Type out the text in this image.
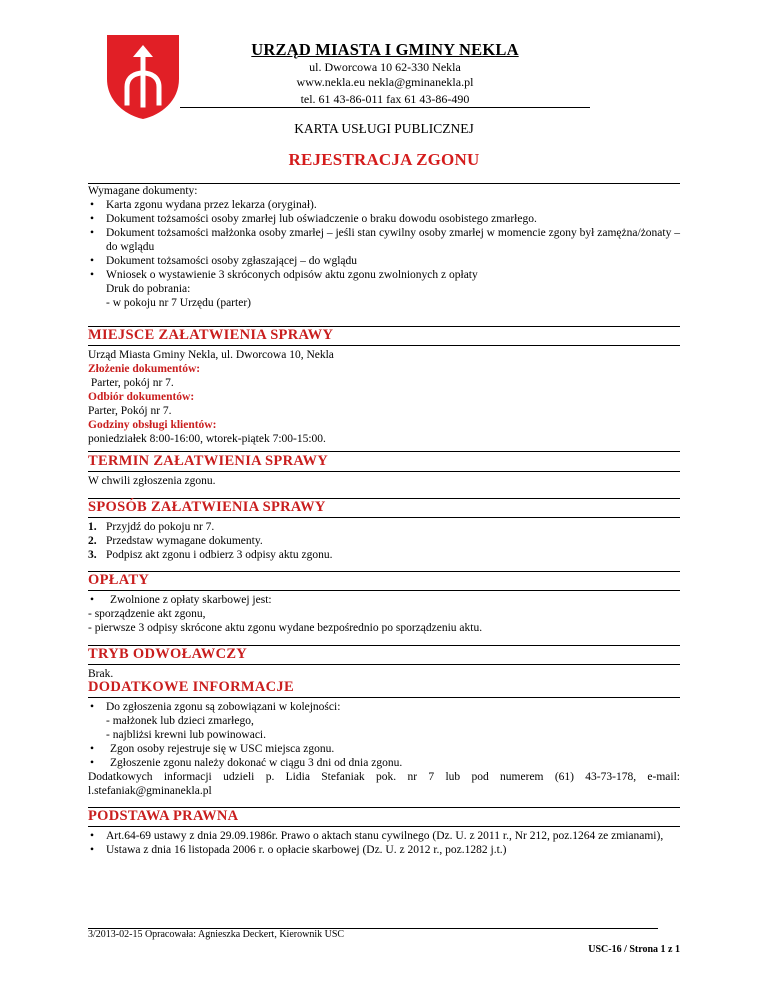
URZĄD MIASTA I GMINY NEKLA
ul. Dworcowa 10 62-330 Nekla
www.nekla.eu nekla@gminanekla.pl
tel. 61 43-86-011 fax 61 43-86-490
KARTA USŁUGI PUBLICZNEJ
REJESTRACJA ZGONU
Wymagane dokumenty:
• Karta zgonu wydana przez lekarza (oryginał).
• Dokument tożsamości osoby zmarłej lub oświadczenie o braku dowodu osobistego zmarłego.
• Dokument tożsamości małżonka osoby zmarłej – jeśli stan cywilny osoby zmarłej w momencie zgony był zamężna/żonaty – do wglądu
• Dokument tożsamości osoby zgłaszającej – do wglądu
• Wniosek o wystawienie 3 skróconych odpisów aktu zgonu zwolnionych z opłaty
Druk do pobrania:
- w pokoju nr 7 Urzędu (parter)
MIEJSCE ZAŁATWIENIA SPRAWY
Urząd Miasta Gminy Nekla, ul. Dworcowa 10, Nekla
Złożenie dokumentów:
Parter, pokój nr 7.
Odbiór dokumentów:
Parter, Pokój nr 7.
Godziny obsługi klientów:
poniedziałek 8:00-16:00, wtorek-piątek 7:00-15:00.
TERMIN ZAŁATWIENIA SPRAWY
W chwili zgłoszenia zgonu.
SPOSÓB ZAŁATWIENIA SPRAWY
1. Przyjdź do pokoju nr 7.
2. Przedstaw wymagane dokumenty.
3. Podpisz akt zgonu i odbierz 3 odpisy aktu zgonu.
OPŁATY
• Zwolnione z opłaty skarbowej jest:
- sporządzenie akt zgonu,
- pierwsze 3 odpisy skrócone aktu zgonu wydane bezpośrednio po sporządzeniu aktu.
TRYB ODWOŁAWCZY
Brak.
DODATKOWE INFORMACJE
• Do zgłoszenia zgonu są zobowiązani w kolejności:
- małżonek lub dzieci zmarłego,
- najbliżsi krewni lub powinowaci.
• Zgon osoby rejestruje się w USC miejsca zgonu.
• Zgłoszenie zgonu należy dokonać w ciągu 3 dni od dnia zgonu.
Dodatkowych informacji udzieli p. Lidia Stefaniak pok. nr 7 lub pod numerem (61) 43-73-178, e-mail: l.stefaniak@gminanekla.pl
PODSTAWA PRAWNA
• Art.64-69 ustawy z dnia 29.09.1986r. Prawo o aktach stanu cywilnego (Dz. U. z 2011 r., Nr 212, poz.1264 ze zmianami),
• Ustawa z dnia 16 listopada 2006 r. o opłacie skarbowej (Dz. U. z 2012 r., poz.1282 j.t.)
3/2013-02-15 Opracowała: Agnieszka Deckert, Kierownik USC
USC-16 / Strona 1 z 1
